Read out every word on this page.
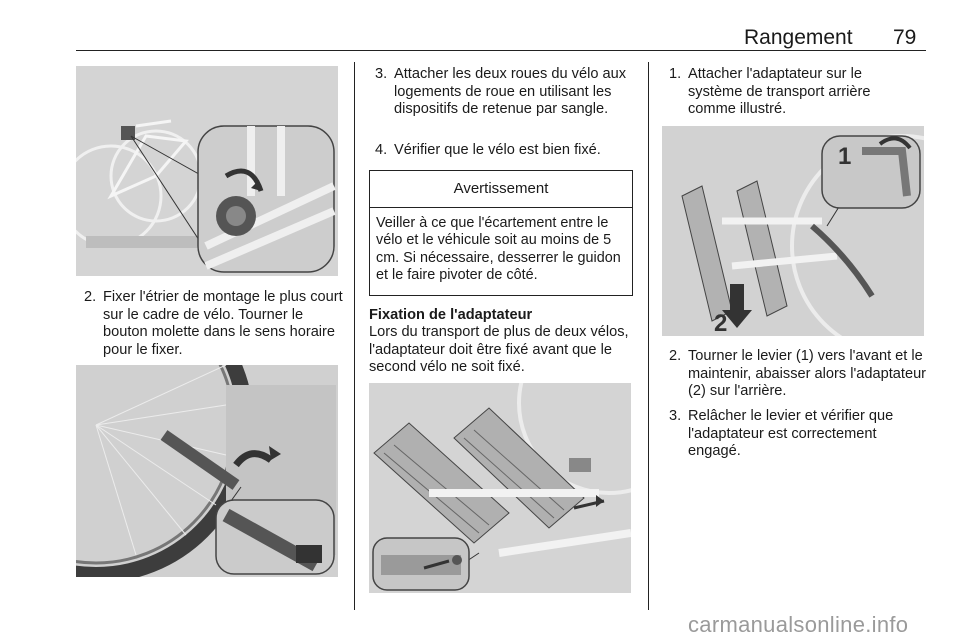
Rangement 79
2. Fixer l'étrier de montage le plus court sur le cadre de vélo. Tourner le bouton molette dans le sens horaire pour le fixer.
3. Attacher les deux roues du vélo aux logements de roue en utilisant les dispositifs de retenue par sangle.
4. Vérifier que le vélo est bien fixé.
Avertissement
Veiller à ce que l'écartement entre le vélo et le véhicule soit au moins de 5 cm. Si nécessaire, desserrer le guidon et le faire pivoter de côté.
Fixation de l'adaptateur
Lors du transport de plus de deux vélos, l'adaptateur doit être fixé avant que le second vélo ne soit fixé.
1. Attacher l'adaptateur sur le système de transport arrière comme illustré.
2
1
2. Tourner le levier (1) vers l'avant et le maintenir, abaisser alors l'adaptateur (2) sur l'arrière.
3. Relâcher le levier et vérifier que l'adaptateur est correctement engagé.
carmanualsonline.info
